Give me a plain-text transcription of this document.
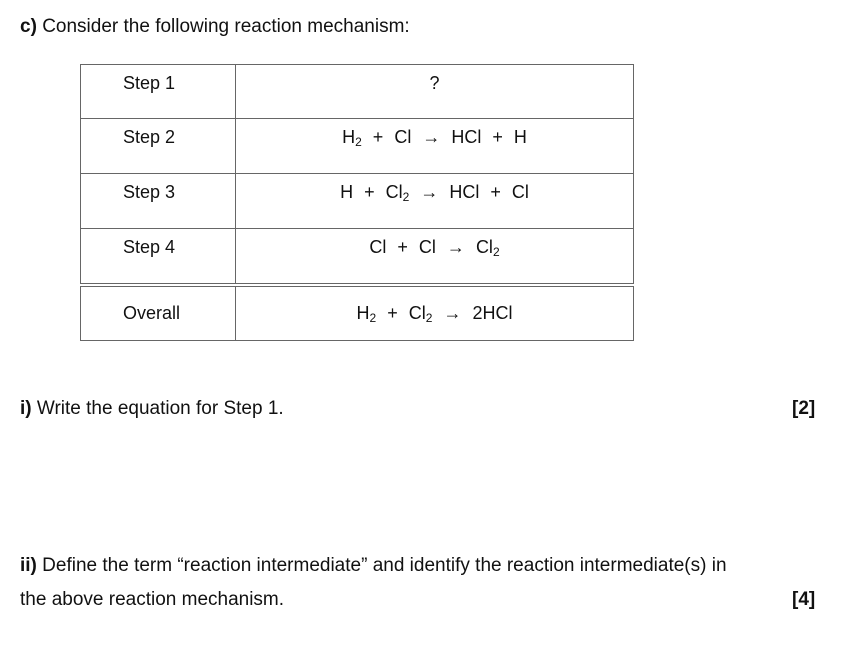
c) Consider the following reaction mechanism:
Step 1	?
Step 2	$H_2 + Cl$ → HCl + H
Step 3	$H + Cl_2$ → HCl + Cl
Step 4	$Cl + Cl \to Cl_2$
Overall	$H_2 + Cl_2 \to 2HCl$
i) Write the equation for Step 1.	[2]
ii) Define the term “reaction intermediate” and identify the reaction intermediate(s) in
the above reaction mechanism.	[4]
